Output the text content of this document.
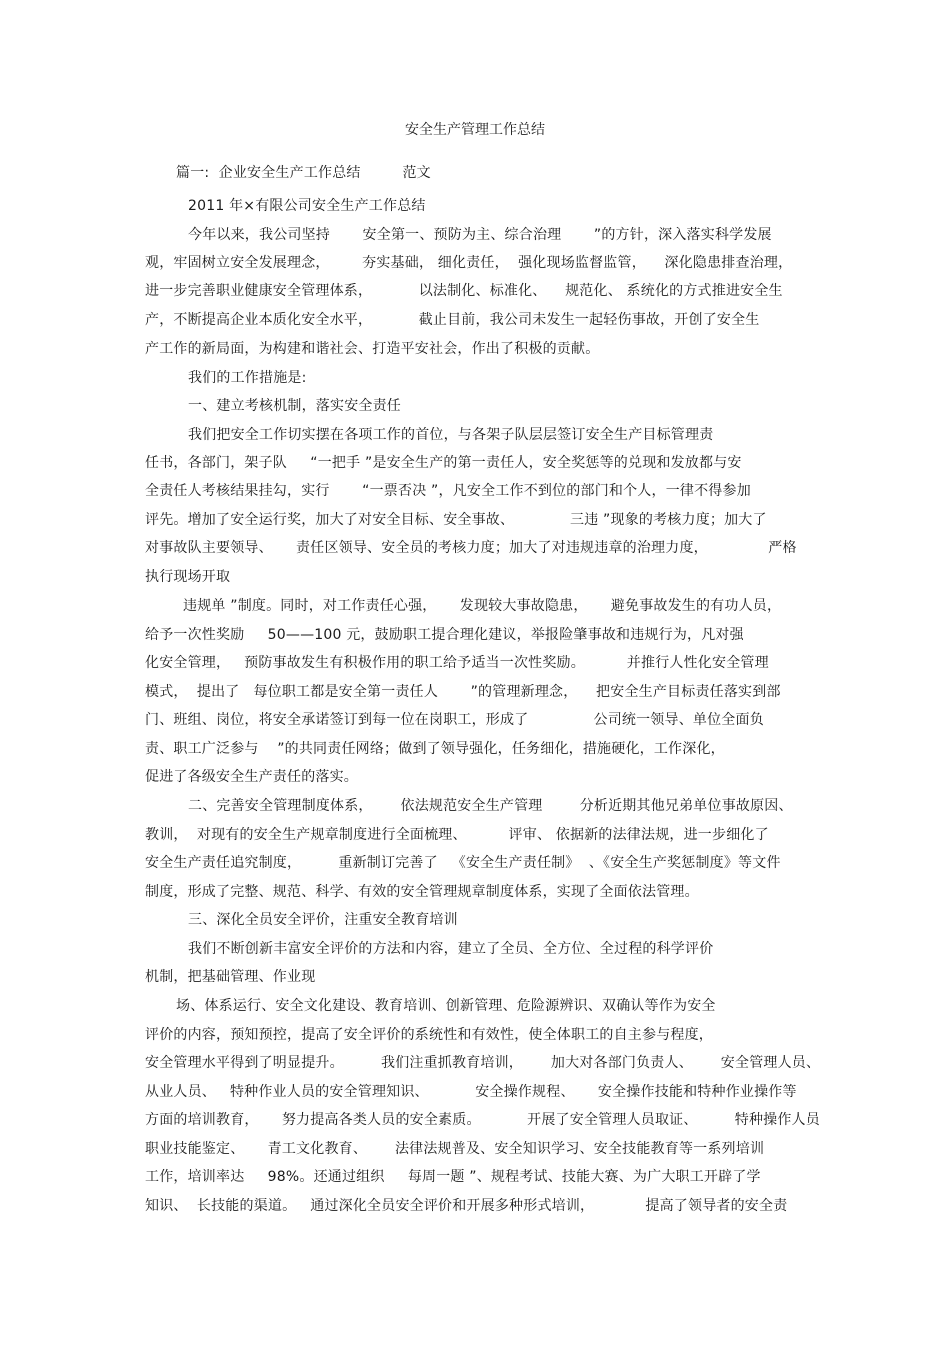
安全生产管理工作总结
篇一:  企业安全生产工作总结         范文
2011 年×有限公司安全生产工作总结
今年以来，我公司坚持       安全第一、预防为主、综合治理       ”的方针，深入落实科学发展
观，牢固树立安全发展理念，       夯实基础， 细化责任，  强化现场监督监管，    深化隐患排查治理，
进一步完善职业健康安全管理体系，          以法制化、标准化、    规范化、 系统化的方式推进安全生
产，不断提高企业本质化安全水平，          截止目前，我公司未发生一起轻伤事故，开创了安全生
产工作的新局面，为构建和谐社会、打造平安社会，作出了积极的贡献。
我们的工作措施是:
一、建立考核机制，落实安全责任
我们把安全工作切实摆在各项工作的首位，与各架子队层层签订安全生产目标管理责
任书，各部门，架子队     “一把手 ”是安全生产的第一责任人，安全奖惩等的兑现和发放都与安
全责任人考核结果挂勾，实行       “一票否决 ”，凡安全工作不到位的部门和个人，一律不得参加
评先。增加了安全运行奖，加大了对安全目标、安全事故、            三违 ”现象的考核力度；加大了
对事故队主要领导、     责任区领导、安全员的考核力度；加大了对违规违章的治理力度，             严格
执行现场开取
违规单 ”制度。同时，对工作责任心强，     发现较大事故隐患，     避免事故发生的有功人员，
给予一次性奖励     50——100 元，鼓励职工提合理化建议，举报险肇事故和违规行为，凡对强
化安全管理，   预防事故发生有积极作用的职工给予适当一次性奖励。         并推行人性化安全管理
模式，  提出了   每位职工都是安全第一责任人       ”的管理新理念，    把安全生产目标责任落实到部
门、班组、岗位，将安全承诺签订到每一位在岗职工，形成了              公司统一领导、单位全面负
责、职工广泛参与    ”的共同责任网络；做到了领导强化，任务细化，措施硬化，工作深化，
促进了各级安全生产责任的落实。
二、完善安全管理制度体系，      依法规范安全生产管理        分析近期其他兄弟单位事故原因、
教训，  对现有的安全生产规章制度进行全面梳理、         评审、 依据新的法律法规，进一步细化了
安全生产责任追究制度，        重新制订完善了   《安全生产责任制》  、《安全生产奖惩制度》等文件
制度，形成了完整、规范、科学、有效的安全管理规章制度体系，实现了全面依法管理。
三、深化全员安全评价，注重安全教育培训
我们不断创新丰富安全评价的方法和内容，建立了全员、全方位、全过程的科学评价
机制，把基础管理、作业现
场、体系运行、安全文化建设、教育培训、创新管理、危险源辨识、双确认等作为安全
评价的内容，预知预控，提高了安全评价的系统性和有效性，使全体职工的自主参与程度，
安全管理水平得到了明显提升。        我们注重抓教育培训，      加大对各部门负责人、      安全管理人员、
从业人员、   特种作业人员的安全管理知识、          安全操作规程、     安全操作技能和特种作业操作等
方面的培训教育，     努力提高各类人员的安全素质。          开展了安全管理人员取证、        特种操作人员
职业技能鉴定、     青工文化教育、      法律法规普及、安全知识学习、安全技能教育等一系列培训
工作，培训率达     98%。还通过组织     每周一题 ”、规程考试、技能大赛、为广大职工开辟了学
知识、  长技能的渠道。   通过深化全员安全评价和开展多种形式培训，           提高了领导者的安全责
